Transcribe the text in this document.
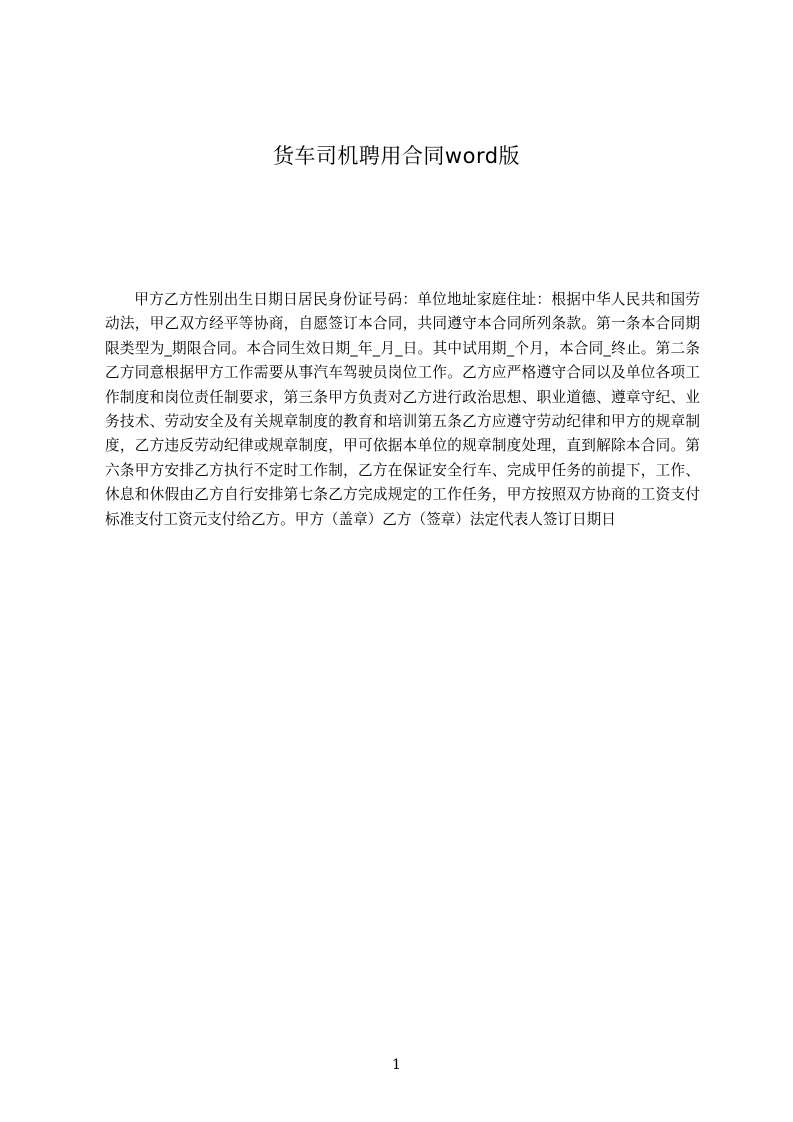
货车司机聘用合同word版

甲方乙方性别出生日期日居民身份证号码：单位地址家庭住址：根据中华人民共和国劳动法，甲乙双方经平等协商，自愿签订本合同，共同遵守本合同所列条款。第一条本合同期限类型为_期限合同。本合同生效日期_年_月_日。其中试用期_个月，本合同_终止。第二条乙方同意根据甲方工作需要从事汽车驾驶员岗位工作。乙方应严格遵守合同以及单位各项工作制度和岗位责任制要求，第三条甲方负责对乙方进行政治思想、职业道德、遵章守纪、业务技术、劳动安全及有关规章制度的教育和培训第五条乙方应遵守劳动纪律和甲方的规章制度，乙方违反劳动纪律或规章制度，甲可依据本单位的规章制度处理，直到解除本合同。第六条甲方安排乙方执行不定时工作制，乙方在保证安全行车、完成甲任务的前提下，工作、休息和休假由乙方自行安排第七条乙方完成规定的工作任务，甲方按照双方协商的工资支付标准支付工资元支付给乙方。甲方（盖章）乙方（签章）法定代表人签订日期日

1
